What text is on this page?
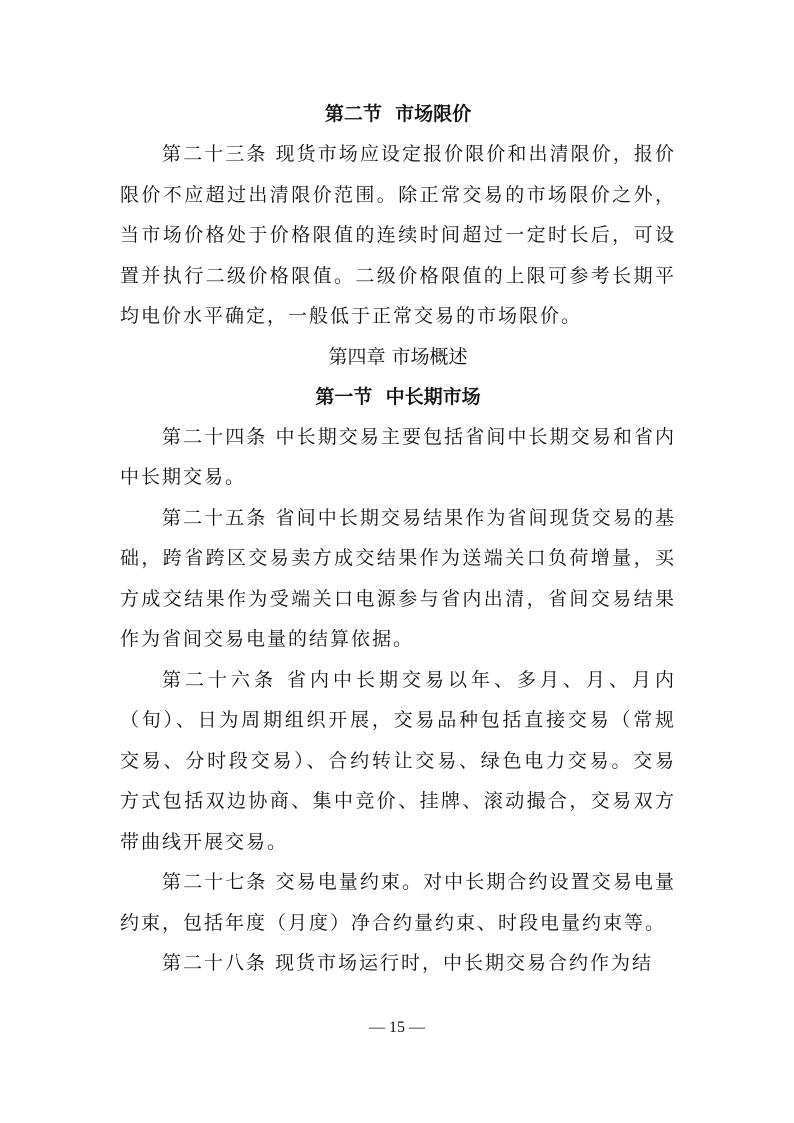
第二节  市场限价

第二十三条 现货市场应设定报价限价和出清限价，报价限价不应超过出清限价范围。除正常交易的市场限价之外，当市场价格处于价格限值的连续时间超过一定时长后，可设置并执行二级价格限值。二级价格限值的上限可参考长期平均电价水平确定，一般低于正常交易的市场限价。

第四章 市场概述
第一节  中长期市场

第二十四条 中长期交易主要包括省间中长期交易和省内中长期交易。

第二十五条 省间中长期交易结果作为省间现货交易的基础，跨省跨区交易卖方成交结果作为送端关口负荷增量，买方成交结果作为受端关口电源参与省内出清，省间交易结果作为省间交易电量的结算依据。

第二十六条 省内中长期交易以年、多月、月、月内（旬）、日为周期组织开展，交易品种包括直接交易（常规交易、分时段交易）、合约转让交易、绿色电力交易。交易方式包括双边协商、集中竞价、挂牌、滚动撮合，交易双方带曲线开展交易。

第二十七条 交易电量约束。对中长期合约设置交易电量约束，包括年度（月度）净合约量约束、时段电量约束等。

第二十八条 现货市场运行时，中长期交易合约作为结

— 15 —
